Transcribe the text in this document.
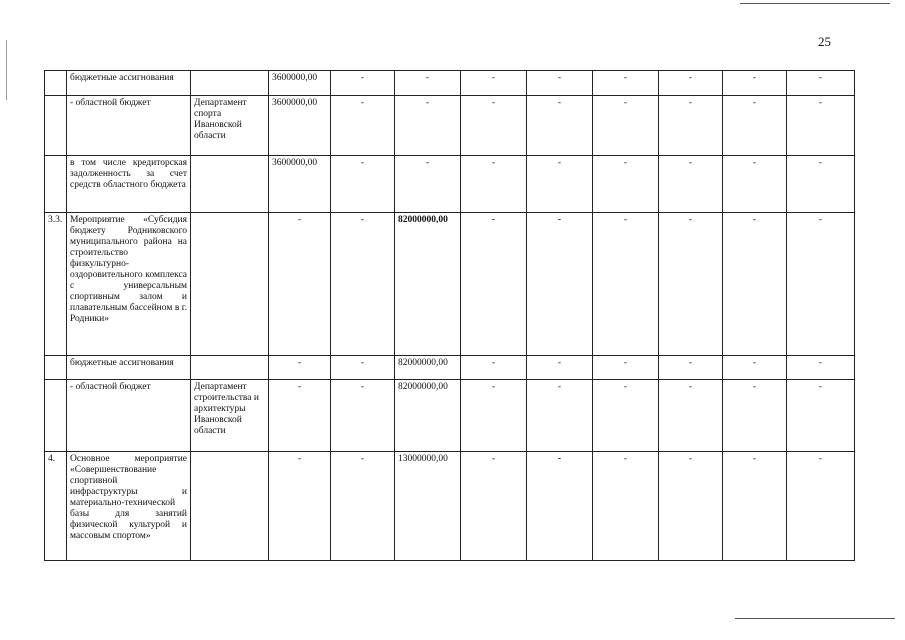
25
	бюджетные ассигнования		3600000,00	-	-	-	-	-	-	-	-
	- областной бюджет	Департамент спорта Ивановской области	3600000,00	-	-	-	-	-	-	-	-
	в том числе кредиторская задолженность за счет средств областного бюджета		3600000,00	-	-	-	-	-	-	-	-
3.3.	Мероприятие «Субсидия бюджету Родниковского муниципального района на строительство физкультурно-оздоровительного комплекса с универсальным спортивным залом и плавательным бассейном в г. Родники»		-	-	82000000,00	-	-	-	-	-	-
	бюджетные ассигнования		-	-	82000000,00	-	-	-	-	-	-
	- областной бюджет	Департамент строительства и архитектуры Ивановской области	-	-	82000000,00	-	-	-	-	-	-
4.	Основное мероприятие «Совершенствование спортивной инфраструктуры и материально-технической базы для занятий физической культурой и массовым спортом»		-	-	13000000,00	-	-	-	-	-	-
